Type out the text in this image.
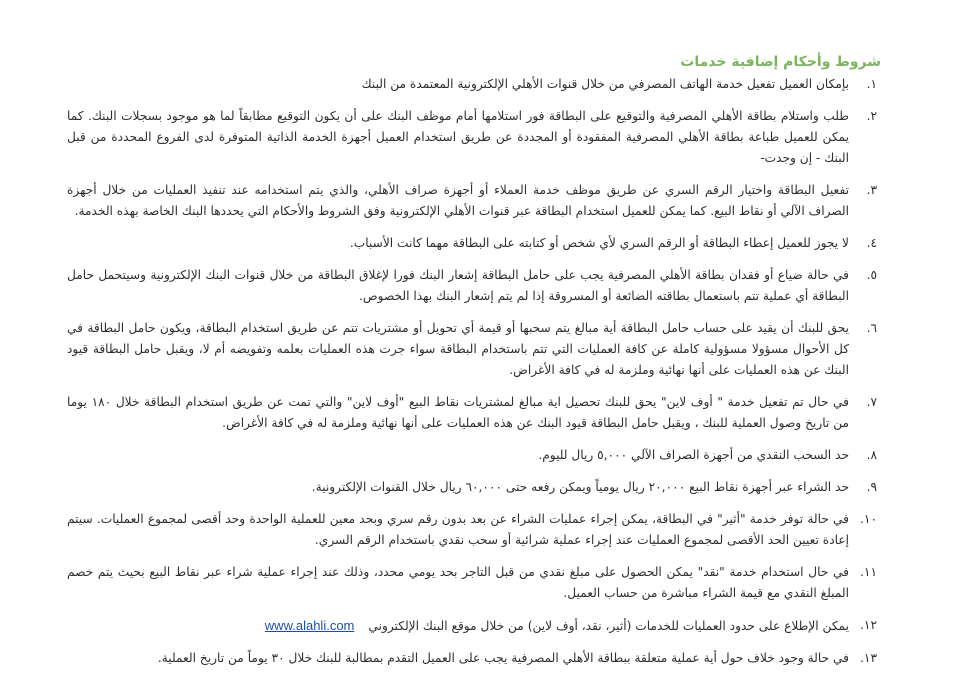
شروط وأحكام إضافية خدمات
١.
بإمكان العميل تفعيل خدمة الهاتف المصرفي من خلال قنوات الأهلي الإلكترونية المعتمدة من البنك
٢.
طلب واستلام بطاقة الأهلي المصرفية والتوقيع على البطاقة فور استلامها أمام موظف البنك على أن يكون التوقيع مطابقاً لما هو موجود بسجلات البنك. كما يمكن للعميل طباعة بطاقة الأهلي المصرفية المفقودة أو المجددة عن طريق استخدام العميل أجهزة الخدمة الذاتية المتوفرة لدى الفروع المحددة من قبل البنك - إن وجدت-
٣.
تفعيل البطاقة واختيار الرقم السري عن طريق موظف خدمة العملاء أو أجهزة صراف الأهلي، والذي يتم استخدامه عند تنفيذ العمليات من خلال أجهزة الصراف الآلي أو نقاط البيع. كما يمكن للعميل استخدام البطاقة عبر قنوات الأهلي الإلكترونية وفق الشروط والأحكام التي يحددها البنك الخاصة بهذه الخدمة.
٤.
لا يجوز للعميل إعطاء البطاقة أو الرقم السري لأي شخص أو كتابته على البطاقة مهما كانت الأسباب.
٥.
في حالة ضياع أو فقدان بطاقة الأهلي المصرفية يجب على حامل البطاقة إشعار البنك فورا لإغلاق البطاقة من خلال قنوات البنك الإلكترونية وسيتحمل حامل البطاقة أي عملية تتم باستعمال بطاقته الضائعة أو المسروقة إذا لم يتم إشعار البنك بهذا الخصوص.
٦.
يحق للبنك أن يقيد على حساب حامل البطاقة أية مبالغ يتم سحبها أو قيمة أي تحويل أو مشتريات تتم عن طريق استخدام البطاقة، ويكون حامل البطاقة في كل الأحوال مسؤولا مسؤولية كاملة عن كافة العمليات التي تتم باستخدام البطاقة سواء جرت هذه العمليات بعلمه وتفويضه أم لا، ويقبل حامل البطاقة قيود البنك عن هذه العمليات على أنها نهائية وملزمة له في كافة الأغراض.
٧.
في حال تم تفعيل خدمة " أوف لاين" يحق للبنك تحصيل اية مبالغ لمشتريات نقاط البيع "أوف لاين" والتي تمت عن طريق استخدام البطاقة خلال ١٨٠ يوما من تاريخ وصول العملية للبنك ، ويقبل حامل البطاقة قيود البنك عن هذه العمليات على أنها نهائية وملزمة له في كافة الأغراض.
٨.
حد السحب النقدي من أجهزة الصراف الآلي ٥,٠٠٠ ريال لليوم.
٩.
حد الشراء عبر أجهزة نقاط البيع ٢٠,٠٠٠ ريال يومياً ويمكن رفعه حتى ٦٠,٠٠٠ ريال خلال القنوات الإلكترونية.
١٠.
في حالة توفر خدمة "أثير" في البطاقة، يمكن إجراء عمليات الشراء عن بعد بدون رقم سري وبحد معين للعملية الواحدة وحد أقصى لمجموع العمليات. سيتم إعادة تعيين الحد الأقصى لمجموع العمليات عند إجراء عملية شرائية أو سحب نقدي باستخدام الرقم السري.
١١.
في حال استخدام خدمة "نقد" يمكن الحصول على مبلغ نقدي من قبل التاجر بحد يومي محدد، وذلك عند إجراء عملية شراء عبر نقاط البيع بحيث يتم خصم المبلغ النقدي مع قيمة الشراء مباشرة من حساب العميل.
١٢.
يمكن الإطلاع على حدود العمليات للخدمات (أثير، نقد، أوف لاين) من خلال موقع البنك الإلكترونيwww.alahli.com
١٣.
في حالة وجود خلاف حول أية عملية متعلقة ببطاقة الأهلي المصرفية يجب على العميل التقدم بمطالبة للبنك خلال ٣٠ يوماً من تاريخ العملية.
